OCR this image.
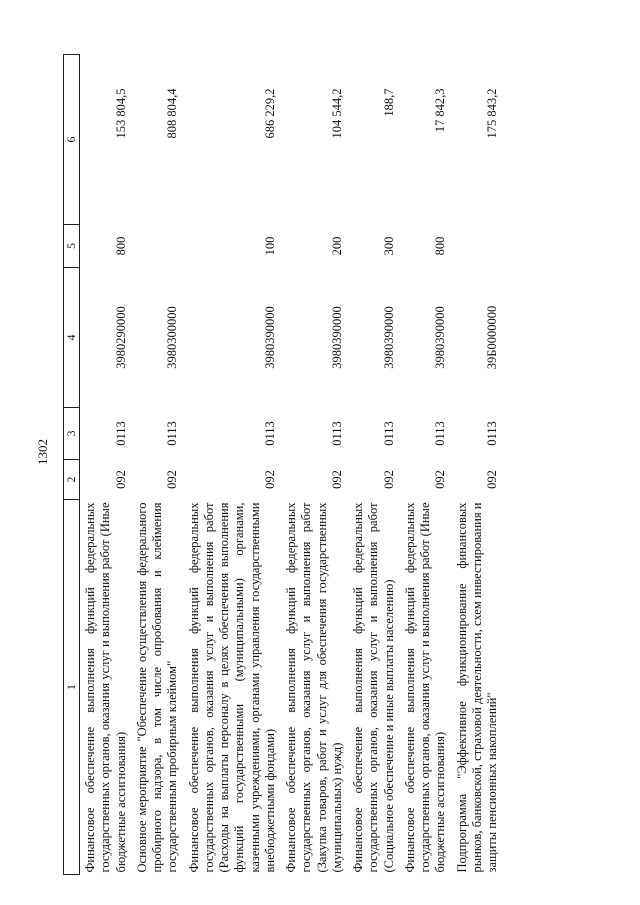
1302
1	2	3	4	5	6
Финансовое обеспечение выполнения функций федеральных государственных органов, оказания услуг и выполнения работ (Иные бюджетные ассигнования)	092	0113	3980290000	800	153 804,5
Основное мероприятие "Обеспечение осуществления федерального пробирного надзора, в том числе опробования и клеймения государственным пробирным клеймом"	092	0113	3980300000		808 804,4
Финансовое обеспечение выполнения функций федеральных государственных органов, оказания услуг и выполнения работ (Расходы на выплаты персоналу в целях обеспечения выполнения функций государственными (муниципальными) органами, казенными учреждениями, органами управления государственными внебюджетными фондами)	092	0113	3980390000	100	686 229,2
Финансовое обеспечение выполнения функций федеральных государственных органов, оказания услуг и выполнения работ (Закупка товаров, работ и услуг для обеспечения государственных (муниципальных) нужд)	092	0113	3980390000	200	104 544,2
Финансовое обеспечение выполнения функций федеральных государственных органов, оказания услуг и выполнения работ (Социальное обеспечение и иные выплаты населению)	092	0113	3980390000	300	188,7
Финансовое обеспечение выполнения функций федеральных государственных органов, оказания услуг и выполнения работ (Иные бюджетные ассигнования)	092	0113	3980390000	800	17 842,3
Подпрограмма "Эффективное функционирование финансовых рынков, банковской, страховой деятельности, схем инвестирования и защиты пенсионных накоплений"	092	0113	39Б0000000		175 843,2
